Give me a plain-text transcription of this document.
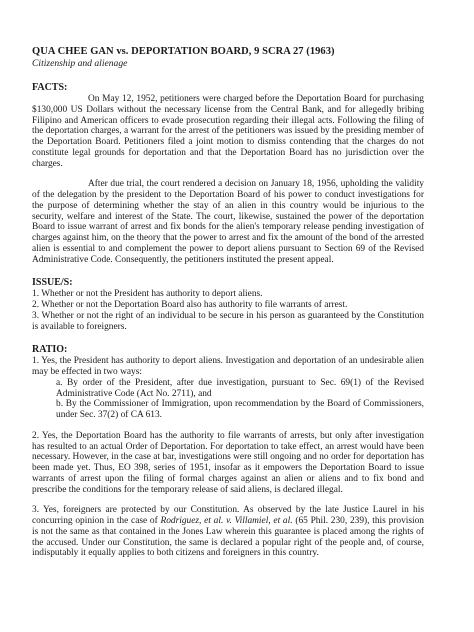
QUA CHEE GAN vs. DEPORTATION BOARD, 9 SCRA 27 (1963)
Citizenship and alienage
FACTS:

On May 12, 1952, petitioners were charged before the Deportation Board for purchasing $130,000 US Dollars without the necessary license from the Central Bank, and for allegedly bribing Filipino and American officers to evade prosecution regarding their illegal acts. Following the filing of the deportation charges, a warrant for the arrest of the petitioners was issued by the presiding member of the Deportation Board. Petitioners filed a joint motion to dismiss contending that the charges do not constitute legal grounds for deportation and that the Deportation Board has no jurisdiction over the charges.

After due trial, the court rendered a decision on January 18, 1956, upholding the validity of the delegation by the president to the Deportation Board of his power to conduct investigations for the purpose of determining whether the stay of an alien in this country would be injurious to the security, welfare and interest of the State. The court, likewise, sustained the power of the deportation Board to issue warrant of arrest and fix bonds for the alien's temporary release pending investigation of charges against him, on the theory that the power to arrest and fix the amount of the bond of the arrested alien is essential to and complement the power to deport aliens pursuant to Section 69 of the Revised Administrative Code. Consequently, the petitioners instituted the present appeal.

ISSUE/S:

1. Whether or not the President has authority to deport aliens.

2. Whether or not the Deportation Board also has authority to file warrants of arrest.

3. Whether or not the right of an individual to be secure in his person as guaranteed by the Constitution is available to foreigners.

RATIO:

1. Yes, the President has authority to deport aliens. Investigation and deportation of an undesirable alien may be effected in two ways:

a. By order of the President, after due investigation, pursuant to Sec. 69(1) of the Revised Administrative Code (Act No. 2711), and

b. By the Commissioner of Immigration, upon recommendation by the Board of Commissioners, under Sec. 37(2) of CA 613.

2. Yes, the Deportation Board has the authority to file warrants of arrests, but only after investigation has resulted to an actual Order of Deportation. For deportation to take effect, an arrest would have been necessary. However, in the case at bar, investigations were still ongoing and no order for deportation has been made yet. Thus, EO 398, series of 1951, insofar as it empowers the Deportation Board to issue warrants of arrest upon the filing of formal charges against an alien or aliens and to fix bond and prescribe the conditions for the temporary release of said aliens, is declared illegal.

3. Yes, foreigners are protected by our Constitution. As observed by the late Justice Laurel in his concurring opinion in the case of Rodriguez, et al. v. Villamiel, et al. (65 Phil. 230, 239), this provision is not the same as that contained in the Jones Law wherein this guarantee is placed among the rights of the accused. Under our Constitution, the same is declared a popular right of the people and, of course, indisputably it equally applies to both citizens and foreigners in this country.
